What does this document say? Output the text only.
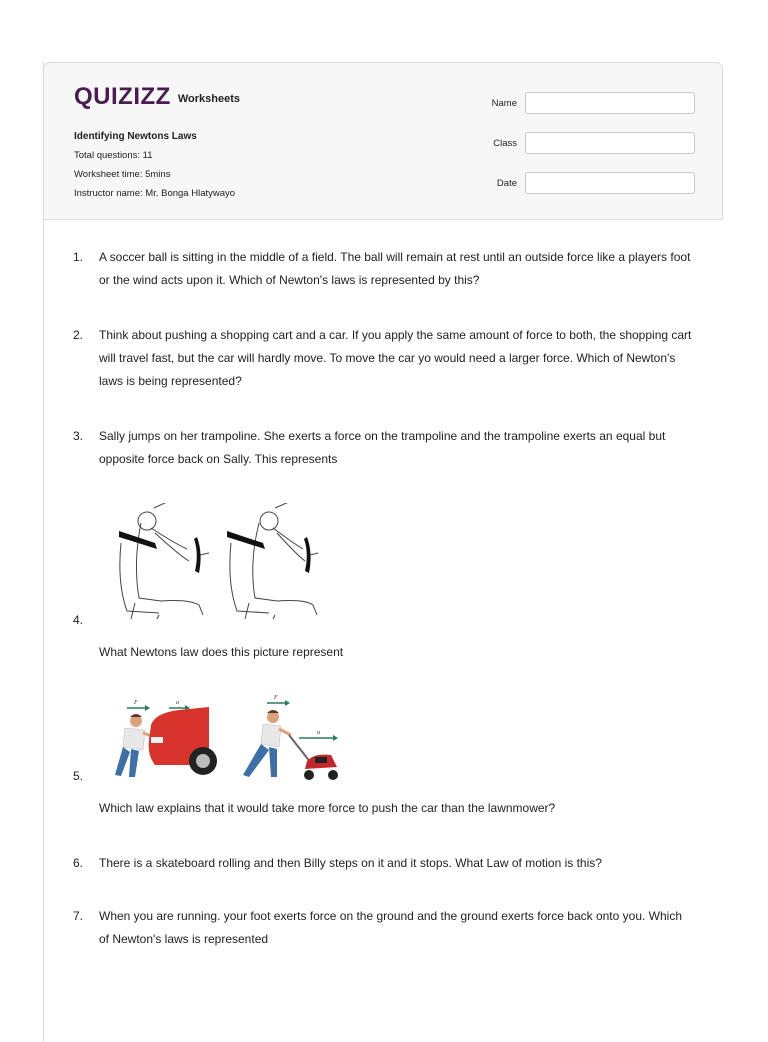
QUIZIZZ Worksheets
Identifying Newtons Laws
Total questions: 11
Worksheet time: 5mins
Instructor name: Mr. Bonga Hlatywayo
Name
Class
Date
1. A soccer ball is sitting in the middle of a field. The ball will remain at rest until an outside force like a players foot or the wind acts upon it. Which of Newton's laws is represented by this?
2. Think about pushing a shopping cart and a car. If you apply the same amount of force to both, the shopping cart will travel fast, but the car will hardly move. To move the car yo would need a larger force. Which of Newton's laws is being represented?
3. Sally jumps on her trampoline. She exerts a force on the trampoline and the trampoline exerts an equal but opposite force back on Sally. This represents
4.
What Newtons law does this picture represent
F	a
F
a
5.
Which law explains that it would take more force to push the car than the lawnmower?
6. There is a skateboard rolling and then Billy steps on it and it stops. What Law of motion is this?
7. When you are running. your foot exerts force on the ground and the ground exerts force back onto you. Which of Newton's laws is represented
